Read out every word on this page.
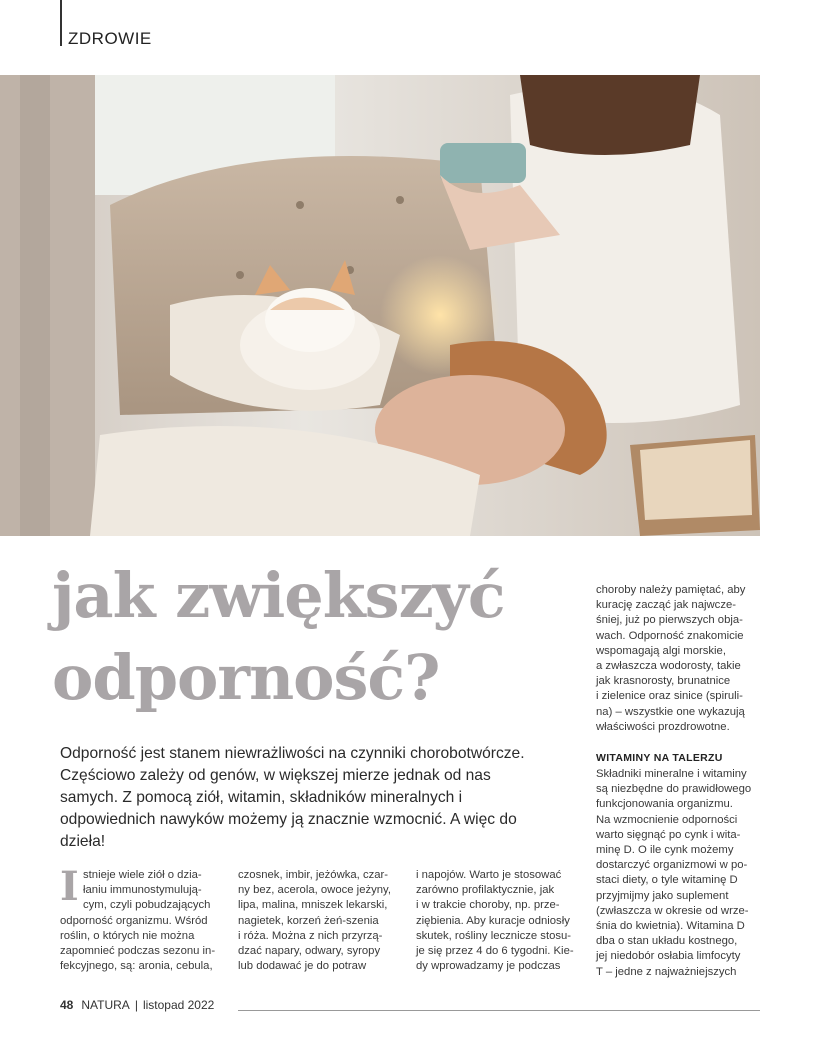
ZDROWIE
jak zwiększyć
odporność?

Odporność jest stanem niewrażliwości na czynniki chorobotwórcze. Częściowo zależy od genów, w większej mierze jednak od nas samych. Z pomocą ziół, witamin, składników mineralnych i odpowiednich nawyków możemy ją znacznie wzmocnić. A więc do dzieła!

I stnieje wiele ziół o dzia-
łaniu immunostymulują-
cym, czyli pobudzających
odporność organizmu. Wśród
roślin, o których nie można
zapomnieć podczas sezonu in-
fekcyjnego, są: aronia, cebula,
czosnek, imbir, jeżówka, czar-
ny bez, acerola, owoce jeżyny,
lipa, malina, mniszek lekarski,
nagietek, korzeń żeń-szenia
i róża. Można z nich przyrzą-
dzać napary, odwary, syropy
lub dodawać je do potraw
i napojów. Warto je stosować
zarówno profilaktycznie, jak
i w trakcie choroby, np. prze-
ziębienia. Aby kuracje odniosły
skutek, rośliny lecznicze stosu-
je się przez 4 do 6 tygodni. Kie-
dy wprowadzamy je podczas
choroby należy pamiętać, aby
kurację zacząć jak najwcze-
śniej, już po pierwszych obja-
wach. Odporność znakomicie
wspomagają algi morskie,
a zwłaszcza wodorosty, takie
jak krasnorosty, brunatnice
i zielenice oraz sinice (spiruli-
na) – wszystkie one wykazują
właściwości prozdrowotne.
WITAMINY NA TALERZU
Składniki mineralne i witaminy
są niezbędne do prawidłowego
funkcjonowania organizmu.
Na wzmocnienie odporności
warto sięgnąć po cynk i wita-
minę D. O ile cynk możemy
dostarczyć organizmowi w po-
staci diety, o tyle witaminę D
przyjmijmy jako suplement
(zwłaszcza w okresie od wrze-
śnia do kwietnia). Witamina D
dba o stan układu kostnego,
jej niedobór osłabia limfocyty
T – jedne z najważniejszych
48 NATURA | listopad 2022
